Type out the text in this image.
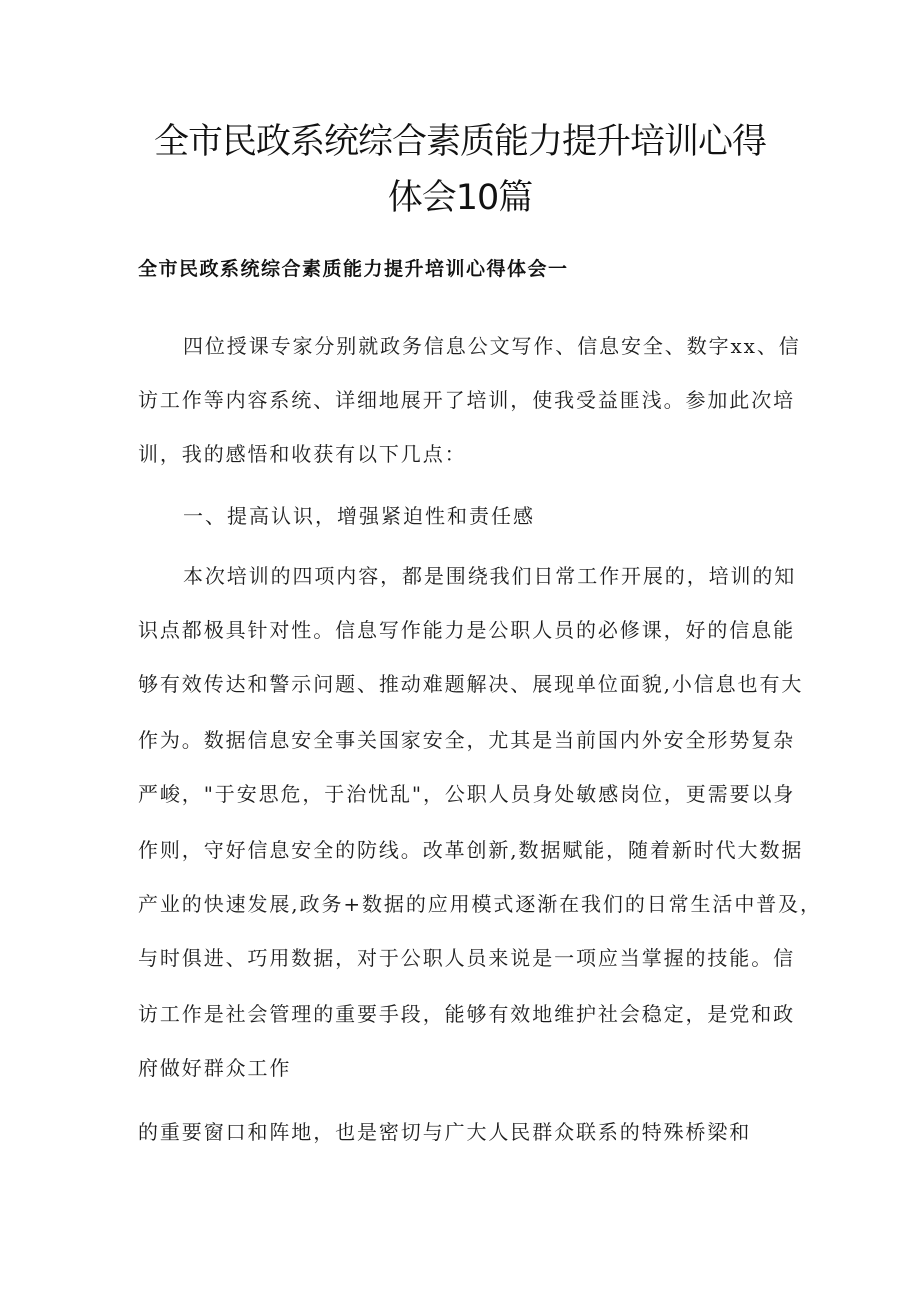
全市民政系统综合素质能力提升培训心得
体会10篇
全市民政系统综合素质能力提升培训心得体会一
四位授课专家分别就政务信息公文写作、信息安全、数字xx、信
访工作等内容系统、详细地展开了培训，使我受益匪浅。参加此次培
训，我的感悟和收获有以下几点：
一、提高认识，增强紧迫性和责任感
本次培训的四项内容，都是围绕我们日常工作开展的，培训的知
识点都极具针对性。信息写作能力是公职人员的必修课，好的信息能
够有效传达和警示问题、推动难题解决、展现单位面貌,小信息也有大
作为。数据信息安全事关国家安全，尤其是当前国内外安全形势复杂
严峻，"于安思危，于治忧乱"，公职人员身处敏感岗位，更需要以身
作则，守好信息安全的防线。改革创新,数据赋能，随着新时代大数据
产业的快速发展,政务+数据的应用模式逐渐在我们的日常生活中普及，
与时俱进、巧用数据，对于公职人员来说是一项应当掌握的技能。信
访工作是社会管理的重要手段，能够有效地维护社会稳定，是党和政
府做好群众工作
的重要窗口和阵地，也是密切与广大人民群众联系的特殊桥梁和
